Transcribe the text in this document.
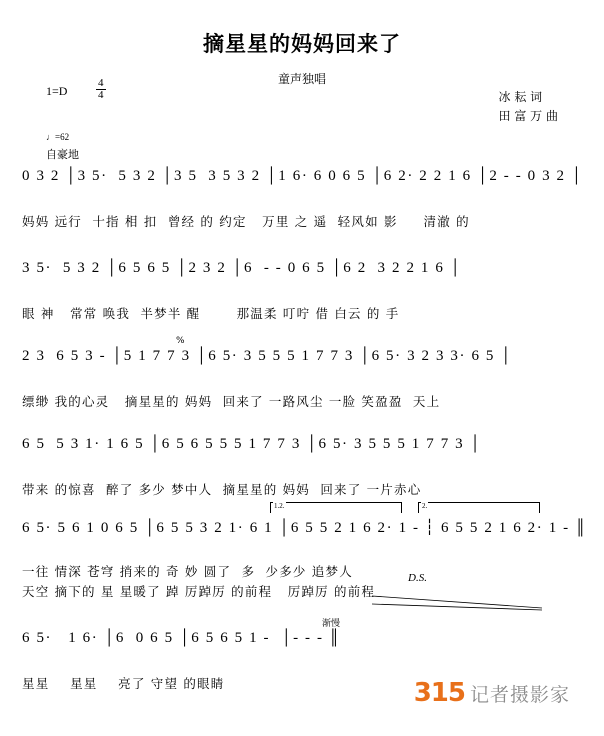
摘星星的妈妈回来了
童声独唱
1=D	$\frac{4}{4}$	冰 耘 词
田 富 万 曲
♩=62
自豪地
0 3 2 │3 5·  5 3 2 │3 5  3 5 3 2 │1 6· 6 0 6 5 │6 2· 2 2 1 6 │2 - - 0 3 2 │
妈妈 远行  十指 相 扣  曾经 的 约定   万里 之 遥  轻风如 影     清澈 的
3 5·  5 3 2 │6 5 6 5 │2 3 2 │6  - - 0 6 5 │6 2  3 2 2 1 6 │
眼 神   常常 唤我  半梦半 醒       那温柔 叮咛 借 白云 的 手
2 3  6 5 3 - │5 1 7 7 3 │6 5· 3 5 5 5 1 7 7 3 │6 5· 3 2 3 3· 6 5 │
缥缈 我的心灵   摘星星的 妈妈  回来了 一路风尘 一脸 笑盈盈  天上
%
6 5  5 3 1· 1 6 5 │6 5 6 5 5 5 1 7 7 3 │6 5· 3 5 5 5 1 7 7 3 │
带来 的惊喜  醉了 多少 梦中人  摘星星的 妈妈  回来了 一片赤心
6 5· 5 6 1 0 6 5 │6 5 5 3 2 1· 6 1 │6 5 5 2 1 6 2· 1 - ┆ 6 5 5 2 1 6 2· 1 - ║
一往 情深 苍穹 捎来的 奇 妙 圆了  多  少多少 追梦人
天空 摘下的 星 星暖了 踔 厉踔厉 的前程   厉踔厉 的前程
1.2.	2.
D.S.
渐慢
6 5·   1 6· │6  0 6 5 │6 5 6 5 1 -  │- - - ║
星星    星星    亮了 守望 的眼睛	315 记者摄影家
